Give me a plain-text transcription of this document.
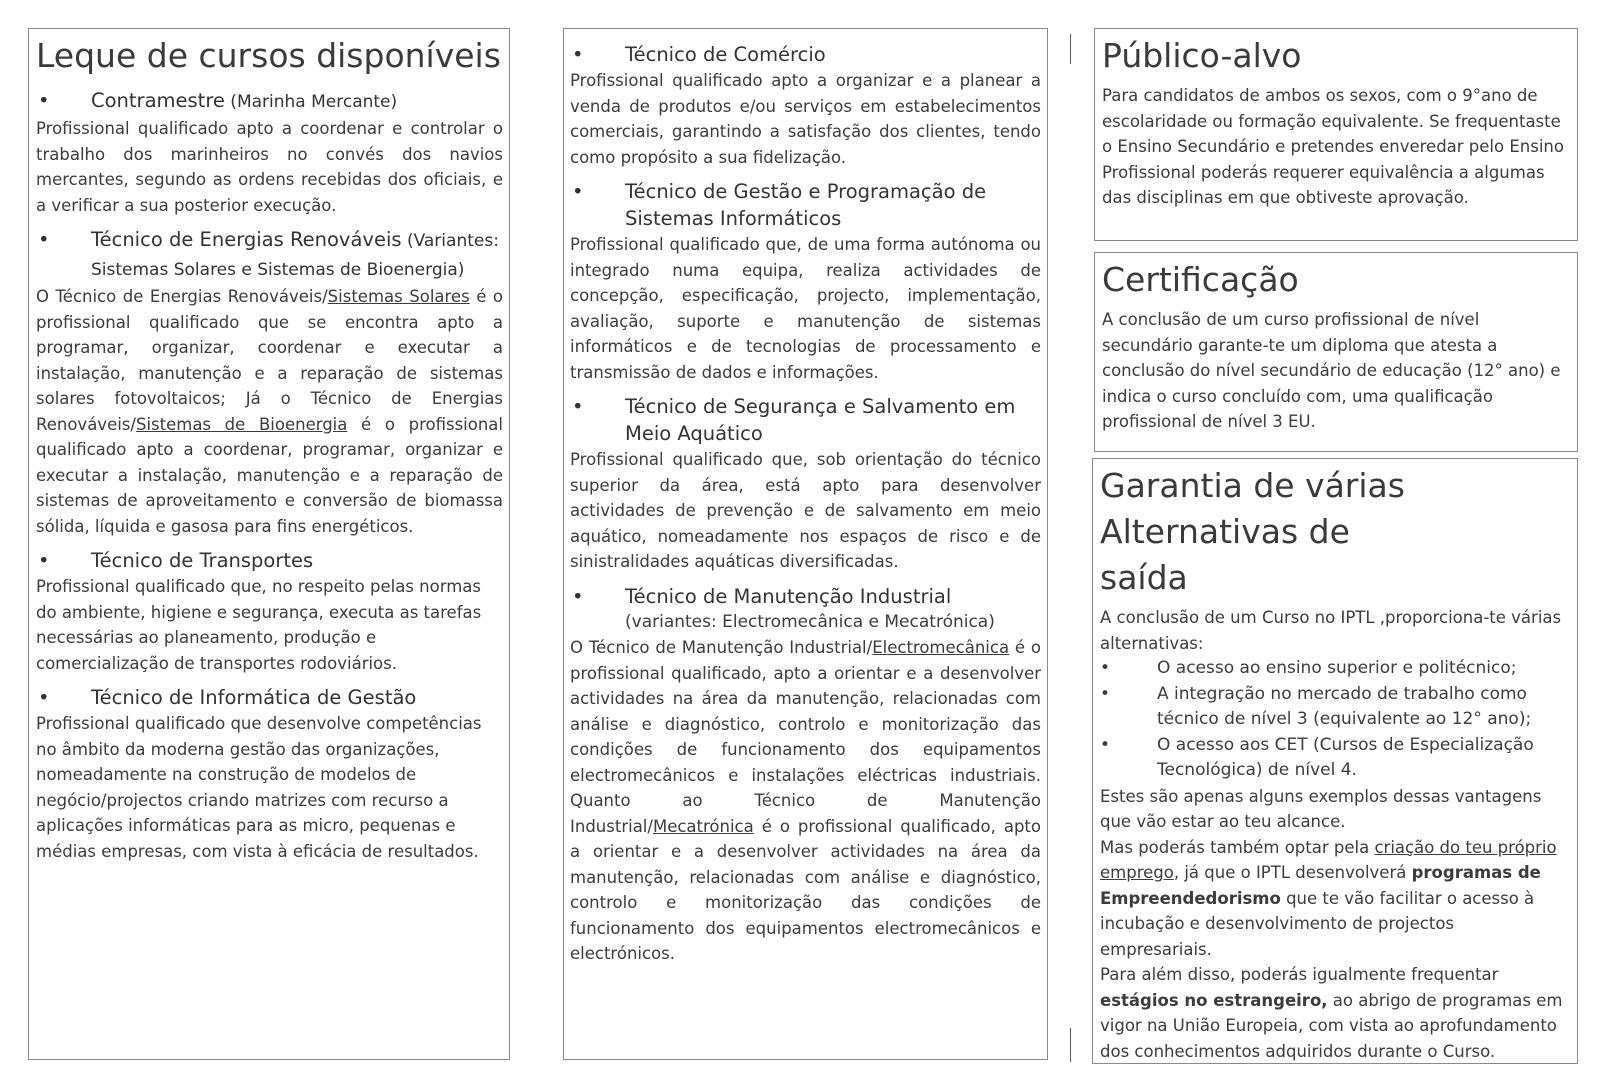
Leque de cursos disponíveis
•	Contramestre (Marinha Mercante)

Profissional qualificado apto a coordenar e controlar o trabalho dos marinheiros no convés dos navios mercantes, segundo as ordens recebidas dos oficiais, e a verificar a sua posterior execução.

•	Técnico de Energias Renováveis (Variantes: Sistemas Solares e Sistemas de Bioenergia)

O Técnico de Energias Renováveis/Sistemas Solares é o profissional qualificado que se encontra apto a programar, organizar, coordenar e executar a instalação, manutenção e a reparação de sistemas solares fotovoltaicos; Já o Técnico de Energias Renováveis/Sistemas de Bioenergia é o profissional qualificado apto a coordenar, programar, organizar e executar a instalação, manutenção e a reparação de sistemas de aproveitamento e conversão de biomassa sólida, líquida e gasosa para fins energéticos.

•	Técnico de Transportes

Profissional qualificado que, no respeito pelas normas do ambiente, higiene e segurança, executa as tarefas necessárias ao planeamento, produção e comercialização de transportes rodoviários.

•	Técnico de Informática de Gestão

Profissional qualificado que desenvolve competências no âmbito da moderna gestão das organizações, nomeadamente na construção de modelos de negócio/projectos criando matrizes com recurso a aplicações informáticas para as micro, pequenas e médias empresas, com vista à eficácia de resultados.

•	Técnico de Comércio

Profissional qualificado apto a organizar e a planear a venda de produtos e/ou serviços em estabelecimentos comerciais, garantindo a satisfação dos clientes, tendo como propósito a sua fidelização.

•	Técnico de Gestão e Programação de Sistemas Informáticos

Profissional qualificado que, de uma forma autónoma ou integrado numa equipa, realiza actividades de concepção, especificação, projecto, implementação, avaliação, suporte e manutenção de sistemas informáticos e de tecnologias de processamento e transmissão de dados e informações.

•	Técnico de Segurança e Salvamento em Meio Aquático

Profissional qualificado que, sob orientação do técnico superior da área, está apto para desenvolver actividades de prevenção e de salvamento em meio aquático, nomeadamente nos espaços de risco e de sinistralidades aquáticas diversificadas.

•	Técnico de Manutenção Industrial
(variantes: Electromecânica e Mecatrónica)

O Técnico de Manutenção Industrial/Electromecânica é o profissional qualificado, apto a orientar e a desenvolver actividades na área da manutenção, relacionadas com análise e diagnóstico, controlo e monitorização das condições de funcionamento dos equipamentos electromecânicos e instalações eléctricas industriais. Quanto ao Técnico de Manutenção Industrial/Mecatrónica é o profissional qualificado, apto a orientar e a desenvolver actividades na área da manutenção, relacionadas com análise e diagnóstico, controlo e monitorização das condições de funcionamento dos equipamentos electromecânicos e electrónicos.

Público-alvo

Para candidatos de ambos os sexos, com o 9°ano de escolaridade ou formação equivalente. Se frequentaste o Ensino Secundário e pretendes enveredar pelo Ensino Profissional poderás requerer equivalência a algumas das disciplinas em que obtiveste aprovação.

Certificação

A conclusão de um curso profissional de nível secundário garante-te um diploma que atesta a conclusão do nível secundário de educação (12° ano) e indica o curso concluído com, uma qualificação profissional de nível 3 EU.

Garantia de várias Alternativas de saída

A conclusão de um Curso no IPTL ,proporciona-te várias alternativas:

•	O acesso ao ensino superior e politécnico;
•	A integração no mercado de trabalho como técnico de nível 3 (equivalente ao 12° ano);
•	O acesso aos CET (Cursos de Especialização Tecnológica) de nível 4.

Estes são apenas alguns exemplos dessas vantagens que vão estar ao teu alcance.

Mas poderás também optar pela criação do teu próprio emprego, já que o IPTL desenvolverá programas de Empreendedorismo que te vão facilitar o acesso à incubação e desenvolvimento de projectos empresariais.

Para além disso, poderás igualmente frequentar estágios no estrangeiro, ao abrigo de programas em vigor na União Europeia, com vista ao aprofundamento dos conhecimentos adquiridos durante o Curso.
